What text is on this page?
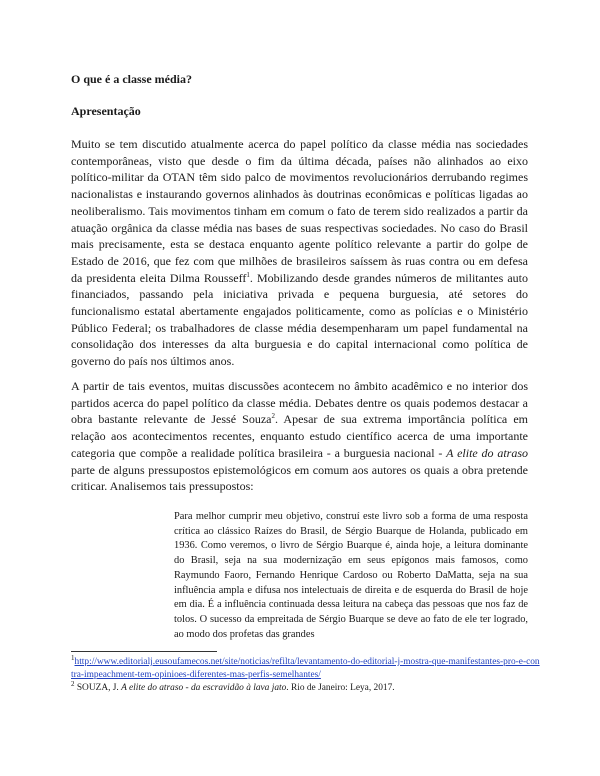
O que é a classe média?
Apresentação

Muito se tem discutido atualmente acerca do papel político da classe média nas sociedades contemporâneas, visto que desde o fim da última década, países não alinhados ao eixo político-militar da OTAN têm sido palco de movimentos revolucionários derrubando regimes nacionalistas e instaurando governos alinhados às doutrinas econômicas e políticas ligadas ao neoliberalismo. Tais movimentos tinham em comum o fato de terem sido realizados a partir da atuação orgânica da classe média nas bases de suas respectivas sociedades. No caso do Brasil mais precisamente, esta se destaca enquanto agente político relevante a partir do golpe de Estado de 2016, que fez com que milhões de brasileiros saíssem às ruas contra ou em defesa da presidenta eleita Dilma Rousseff$^1$. Mobilizando desde grandes números de militantes auto financiados, passando pela iniciativa privada e pequena burguesia, até setores do funcionalismo estatal abertamente engajados politicamente, como as polícias e o Ministério Público Federal; os trabalhadores de classe média desempenharam um papel fundamental na consolidação dos interesses da alta burguesia e do capital internacional como política de governo do país nos últimos anos.

A partir de tais eventos, muitas discussões acontecem no âmbito acadêmico e no interior dos partidos acerca do papel político da classe média. Debates dentre os quais podemos destacar a obra bastante relevante de Jessé Souza$^2$. Apesar de sua extrema importância política em relação aos acontecimentos recentes, enquanto estudo científico acerca de uma importante categoria que compõe a realidade política brasileira - a burguesia nacional - A elite do atraso parte de alguns pressupostos epistemológicos em comum aos autores os quais a obra pretende criticar. Analisemos tais pressupostos:

Para melhor cumprir meu objetivo, construí este livro sob a forma de uma resposta crítica ao clássico Raízes do Brasil, de Sérgio Buarque de Holanda, publicado em 1936. Como veremos, o livro de Sérgio Buarque é, ainda hoje, a leitura dominante do Brasil, seja na sua modernização em seus epígonos mais famosos, como Raymundo Faoro, Fernando Henrique Cardoso ou Roberto DaMatta, seja na sua influência ampla e difusa nos intelectuais de direita e de esquerda do Brasil de hoje em dia. É a influência continuada dessa leitura na cabeça das pessoas que nos faz de tolos. O sucesso da empreitada de Sérgio Buarque se deve ao fato de ele ter logrado, ao modo dos profetas das grandes

$^1$http://www.editorialj.eusoufamecos.net/site/noticias/refilta/levantamento-do-editorial-j-mostra-que-manifestantes-pro-e-contra-impeachment-tem-opinioes-diferentes-mas-perfis-semelhantes/

$^2$ SOUZA, J. A elite do atraso - da escravidão à lava jato. Rio de Janeiro: Leya, 2017.
